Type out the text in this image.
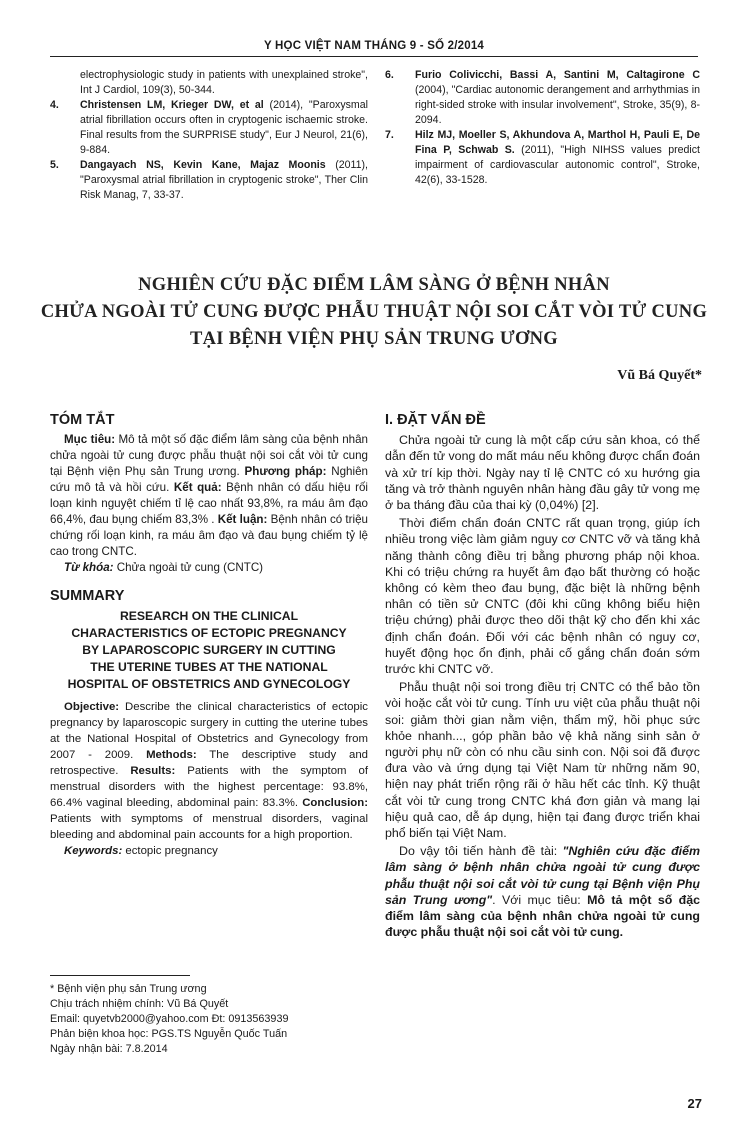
Y HỌC VIỆT NAM THÁNG 9 - SỐ 2/2014
electrophysiologic study in patients with unexplained stroke", Int J Cardiol, 109(3), 50-344.
4.	Christensen LM, Krieger DW, et al (2014), "Paroxysmal atrial fibrillation occurs often in cryptogenic ischaemic stroke. Final results from the SURPRISE study", Eur J Neurol, 21(6), 9-884.
5.	Dangayach NS, Kevin Kane, Majaz Moonis (2011), "Paroxysmal atrial fibrillation in cryptogenic stroke", Ther Clin Risk Manag, 7, 33-37.
6.	Furio Colivicchi, Bassi A, Santini M, Caltagirone C (2004), "Cardiac autonomic derangement and arrhythmias in right-sided stroke with insular involvement", Stroke, 35(9), 8-2094.
7.	Hilz MJ, Moeller S, Akhundova A, Marthol H, Pauli E, De Fina P, Schwab S. (2011), "High NIHSS values predict impairment of cardiovascular autonomic control", Stroke, 42(6), 33-1528.
NGHIÊN CỨU ĐẶC ĐIỂM LÂM SÀNG Ở BỆNH NHÂN
CHỬA NGOÀI TỬ CUNG ĐƯỢC PHẪU THUẬT NỘI SOI CẮT VÒI TỬ CUNG
TẠI BỆNH VIỆN PHỤ SẢN TRUNG ƯƠNG
Vũ Bá Quyết*
TÓM TẮT

Mục tiêu: Mô tả một số đặc điểm lâm sàng của bệnh nhân chửa ngoài tử cung được phẫu thuật nội soi cắt vòi tử cung tại Bệnh viện Phụ sản Trung ương. Phương pháp: Nghiên cứu mô tả và hồi cứu. Kết quả: Bệnh nhân có dấu hiệu rối loạn kinh nguyệt chiếm tỉ lệ cao nhất 93,8%, ra máu âm đạo 66,4%, đau bụng chiếm 83,3% . Kết luận: Bệnh nhân có triệu chứng rối loạn kinh, ra máu âm đạo và đau bụng chiếm tỷ lệ cao trong CNTC.

Từ khóa: Chửa ngoài tử cung (CNTC)

SUMMARY
RESEARCH ON THE CLINICAL
CHARACTERISTICS OF ECTOPIC PREGNANCY
BY LAPAROSCOPIC SURGERY IN CUTTING
THE UTERINE TUBES AT THE NATIONAL
HOSPITAL OF OBSTETRICS AND GYNECOLOGY

Objective: Describe the clinical characteristics of ectopic pregnancy by laparoscopic surgery in cutting the uterine tubes at the National Hospital of Obstetrics and Gynecology from 2007 - 2009. Methods: The descriptive study and retrospective. Results: Patients with the symptom of menstrual disorders with the highest percentage: 93.8%, 66.4% vaginal bleeding, abdominal pain: 83.3%. Conclusion: Patients with symptoms of menstrual disorders, vaginal bleeding and abdominal pain accounts for a high proportion.

Keywords: ectopic pregnancy

* Bệnh viện phụ sản Trung ương
Chịu trách nhiệm chính: Vũ Bá Quyết
Email: quyetvb2000@yahoo.com Đt: 0913563939
Phản biện khoa học: PGS.TS Nguyễn Quốc Tuấn
Ngày nhận bài: 7.8.2014
I. ĐẶT VẤN ĐỀ

Chửa ngoài tử cung là một cấp cứu sản khoa, có thể dẫn đến tử vong do mất máu nếu không được chẩn đoán và xử trí kịp thời. Ngày nay tỉ lệ CNTC có xu hướng gia tăng và trở thành nguyên nhân hàng đầu gây tử vong mẹ ở ba tháng đầu của thai kỳ (0,04%) [2].

Thời điểm chẩn đoán CNTC rất quan trọng, giúp ích nhiều trong việc làm giảm nguy cơ CNTC vỡ và tăng khả năng thành công điều trị bằng phương pháp nội khoa. Khi có triệu chứng ra huyết âm đạo bất thường có hoặc không có kèm theo đau bụng, đặc biệt là những bệnh nhân có tiền sử CNTC (đôi khi cũng không biểu hiện triệu chứng) phải được theo dõi thật kỹ cho đến khi xác định chẩn đoán. Đối với các bệnh nhân có nguy cơ, huyết động học ổn định, phải cố gắng chẩn đoán sớm trước khi CNTC vỡ.

Phẫu thuật nội soi trong điều trị CNTC có thể bảo tồn vòi hoặc cắt vòi tử cung. Tính ưu việt của phẫu thuật nội soi: giảm thời gian nằm viện, thẩm mỹ, hồi phục sức khỏe nhanh..., góp phần bảo vệ khả năng sinh sản ở người phụ nữ còn có nhu cầu sinh con. Nội soi đã được đưa vào và ứng dụng tại Việt Nam từ những năm 90, hiện nay phát triển rộng rãi ở hầu hết các tỉnh. Kỹ thuật cắt vòi tử cung trong CNTC khá đơn giản và mang lại hiệu quả cao, dễ áp dụng, hiện tại đang được triển khai phổ biến tại Việt Nam.

Do vậy tôi tiến hành đề tài: "Nghiên cứu đặc điểm lâm sàng ở bệnh nhân chửa ngoài tử cung được phẫu thuật nội soi cắt vòi tử cung tại Bệnh viện Phụ sản Trung ương". Với mục tiêu: Mô tả một số đặc điểm lâm sàng của bệnh nhân chửa ngoài tử cung được phẫu thuật nội soi cắt vòi tử cung.

27
